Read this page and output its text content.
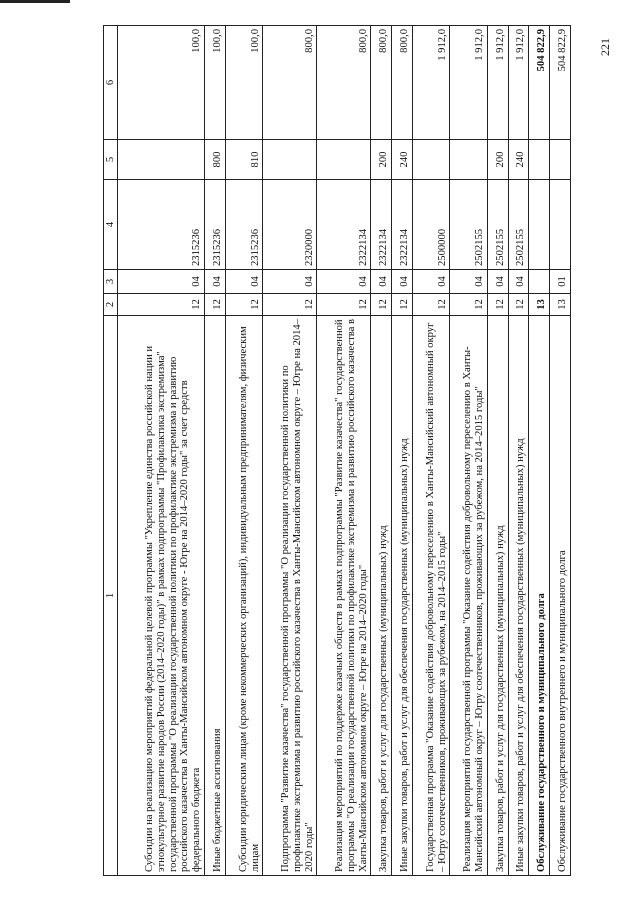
221
1	2	3	4	5	6
Субсидии на реализацию мероприятий федеральной целевой программы "Укрепление единства российской нации и этнокультурное развитие народов России (2014–2020 годы)" в рамках подпрограммы "Профилактика экстремизма" государственной программы "О реализации государственной политики по профилактике экстремизма и развитию российского казачества в Ханты-Мансийском автономном округе - Югре на 2014–2020 годы" за счет средств федерального бюджета	12	04	2315236		100,0
Иные бюджетные ассигнования	12	04	2315236	800	100,0
Субсидии юридическим лицам (кроме некоммерческих организаций), индивидуальным предпринимателям, физическим лицам	12	04	2315236	810	100,0
Подпрограмма "Развитие казачества" государственной программы "О реализации государственной политики по профилактике экстремизма и развитию российского казачества в Ханты-Мансийском автономном округе – Югре на 2014–2020 годы"	12	04	2320000		800,0
Реализация мероприятий по поддержке казачьих обществ в рамках подпрограммы "Развитие казачества" государственной программы "О реализации государственной политики по профилактике экстремизма и развитию российского казачества в Ханты-Мансийском автономном округе – Югре на 2014–2020 годы"	12	04	2322134		800,0
Закупка товаров, работ и услуг для государственных (муниципальных) нужд	12	04	2322134	200	800,0
Иные закупки товаров, работ и услуг для обеспечения государственных (муниципальных) нужд	12	04	2322134	240	800,0
Государственная программа "Оказание содействия добровольному переселению в Ханты-Мансийский автономный округ – Югру соотечественников, проживающих за рубежом, на 2014–2015 годы"	12	04	2500000		1 912,0
Реализация мероприятий государственной программы "Оказание содействия добровольному переселению в Ханты-Мансийский автономный округ – Югру соотечественников, проживающих за рубежом, на 2014–2015 годы"	12	04	2502155		1 912,0
Закупка товаров, работ и услуг для государственных (муниципальных) нужд	12	04	2502155	200	1 912,0
Иные закупки товаров, работ и услуг для обеспечения государственных (муниципальных) нужд	12	04	2502155	240	1 912,0
Обслуживание государственного и муниципального долга	13				504 822,9
Обслуживание государственного внутреннего и муниципального долга	13	01			504 822,9
